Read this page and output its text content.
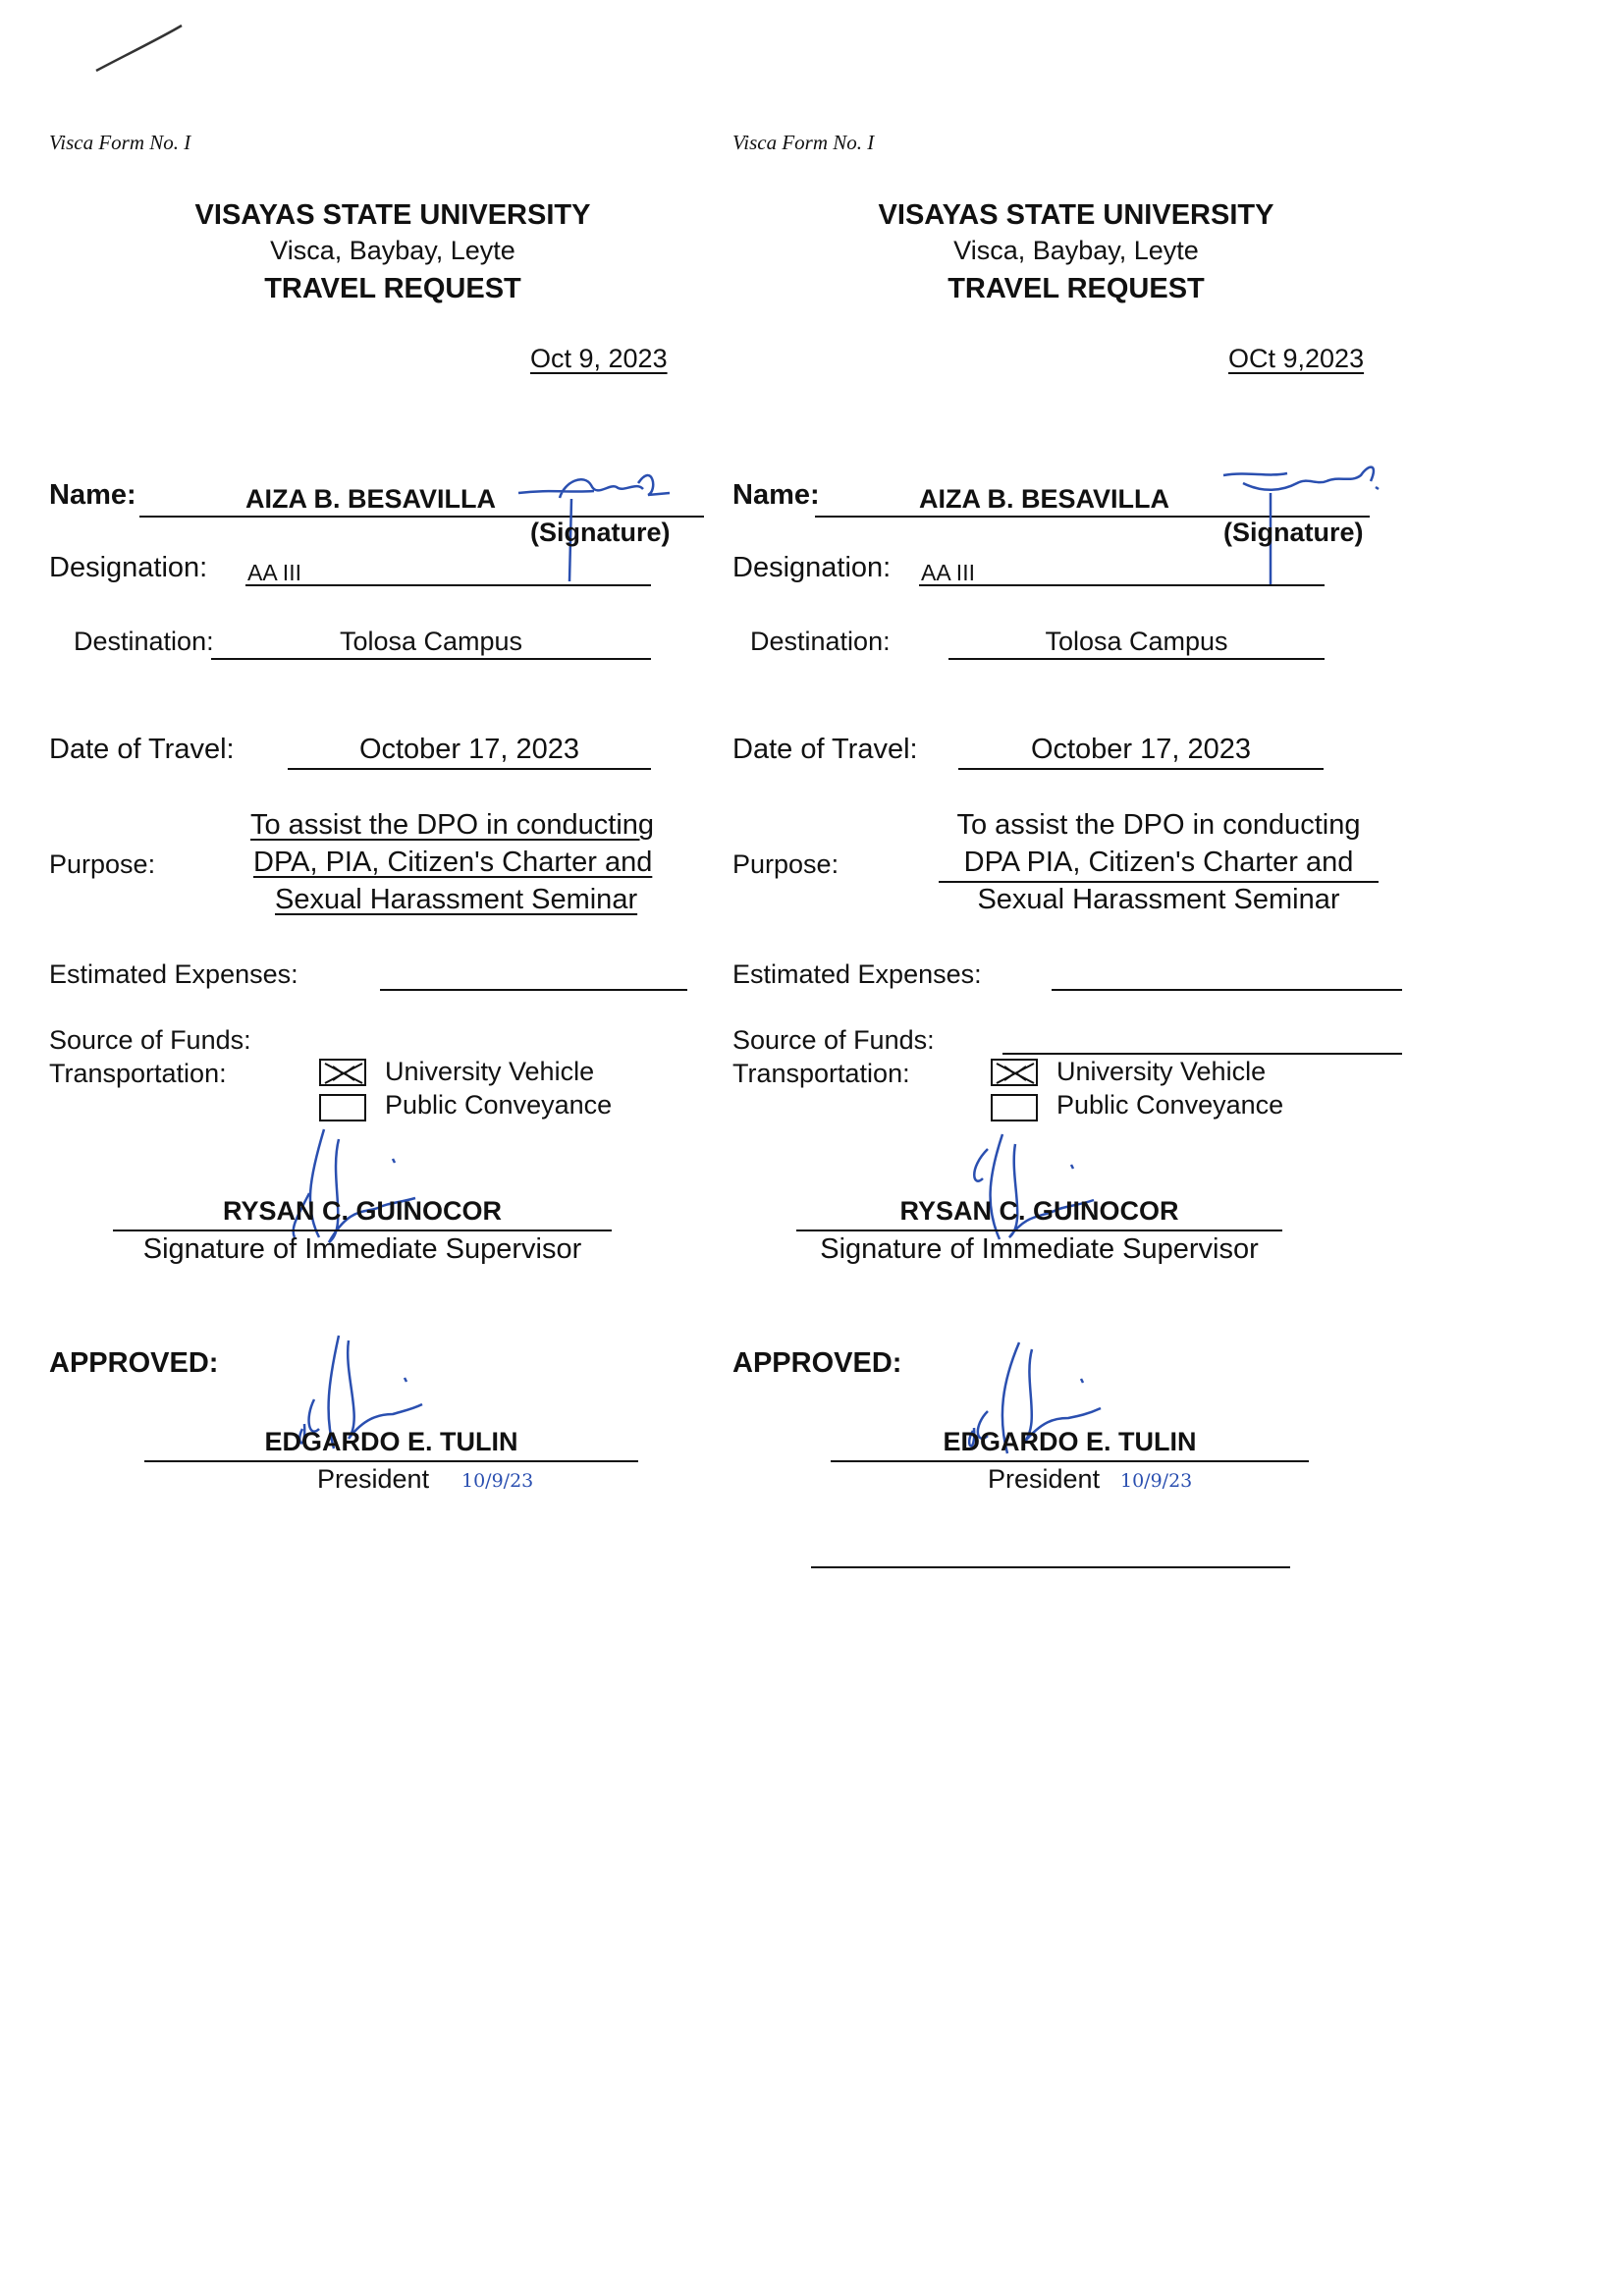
Visca Form No. I
VISAYAS STATE UNIVERSITY
Visca, Baybay, Leyte
TRAVEL REQUEST
Oct 9, 2023
Name:	AIZA B. BESAVILLA
(Signature)
Designation: AA III
Destination:	Tolosa Campus
Date of Travel:	October 17, 2023
Purpose:
To assist the DPO in conducting
DPA, PIA, Citizen's Charter and
Sexual Harassment Seminar
Estimated Expenses:
Source of Funds:
Transportation:	University Vehicle
Public Conveyance
RYSAN C. GUINOCOR
Signature of Immediate Supervisor
APPROVED:
EDGARDO E. TULIN
President 10/9/23
Visca Form No. I
VISAYAS STATE UNIVERSITY
Visca, Baybay, Leyte
TRAVEL REQUEST
OCt 9,2023
Name:	AIZA B. BESAVILLA
(Signature)
Designation: AA III
Destination:	Tolosa Campus
Date of Travel:	October 17, 2023
Purpose:
To assist the DPO in conducting
DPA PIA, Citizen's Charter and
Sexual Harassment Seminar
Estimated Expenses:
Source of Funds:
Transportation:	University Vehicle
Public Conveyance
RYSAN C. GUINOCOR
Signature of Immediate Supervisor
APPROVED:
EDGARDO E. TULIN
President 10/9/23
